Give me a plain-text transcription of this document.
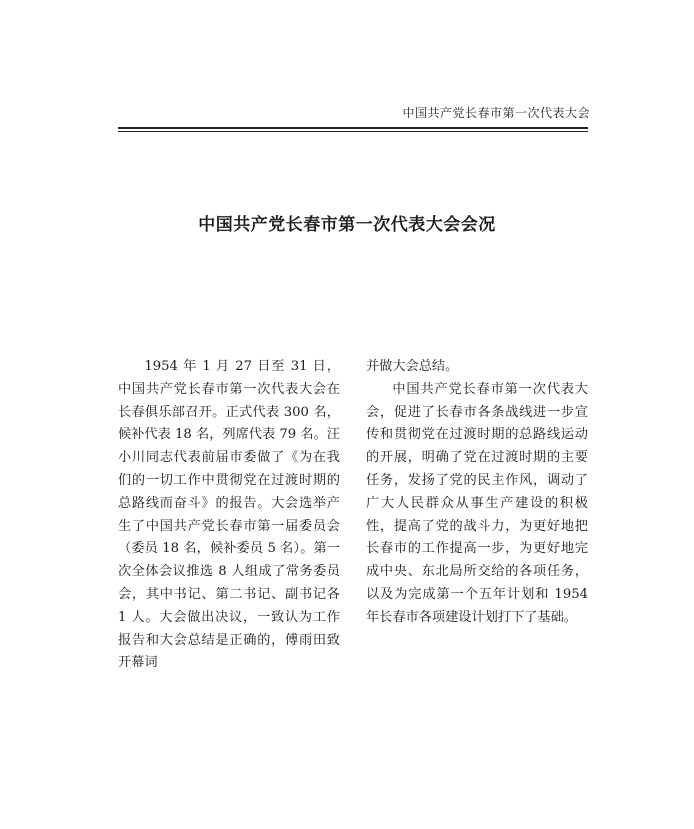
中国共产党长春市第一次代表大会
中国共产党长春市第一次代表大会会况

1954 年 1 月 27 日至 31 日，中国共产党长春市第一次代表大会在长春俱乐部召开。正式代表 300 名，候补代表 18 名，列席代表 79 名。汪小川同志代表前届市委做了《为在我们的一切工作中贯彻党在过渡时期的总路线而奋斗》的报告。大会选举产生了中国共产党长春市第一届委员会（委员 18 名，候补委员 5 名）。第一次全体会议推选 8 人组成了常务委员会，其中书记、第二书记、副书记各 1 人。大会做出决议，一致认为工作报告和大会总结是正确的，傅雨田致开幕词

并做大会总结。

中国共产党长春市第一次代表大会，促进了长春市各条战线进一步宣传和贯彻党在过渡时期的总路线运动的开展，明确了党在过渡时期的主要任务，发扬了党的民主作风，调动了广大人民群众从事生产建设的积极性，提高了党的战斗力，为更好地把长春市的工作提高一步，为更好地完成中央、东北局所交给的各项任务，以及为完成第一个五年计划和 1954 年长春市各项建设计划打下了基础。
